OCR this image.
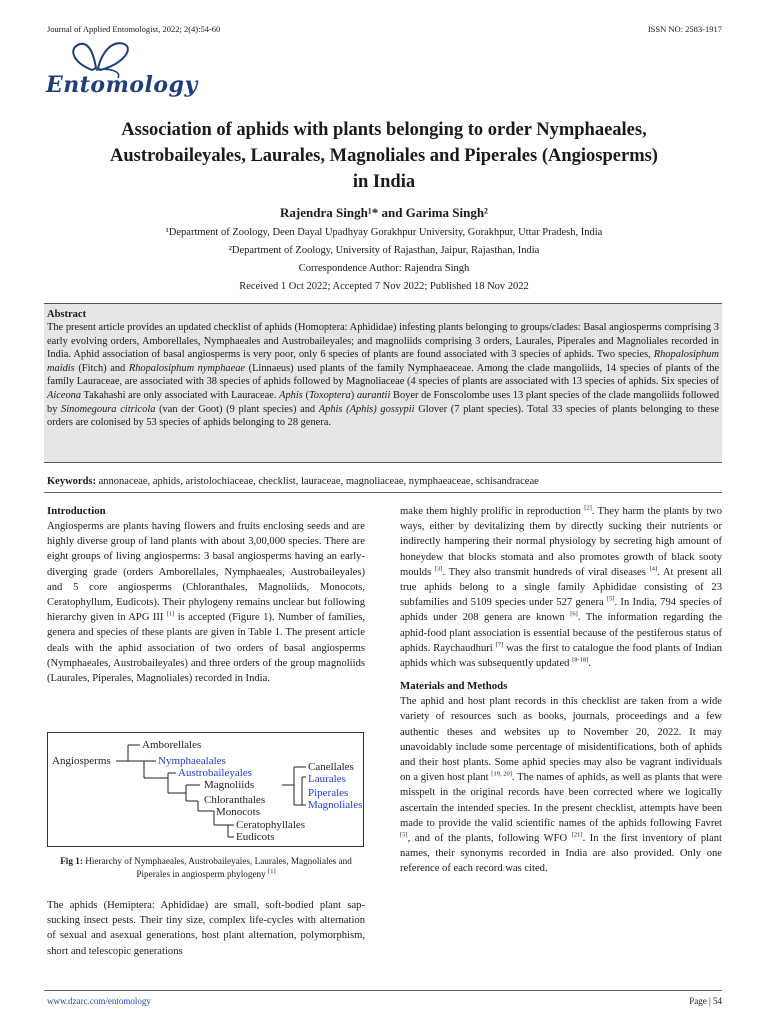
Journal of Applied Entomologist, 2022; 2(4):54-60	ISSN NO: 2583-1917
Entomology
Association of aphids with plants belonging to order Nymphaeales,
Austrobaileyales, Laurales, Magnoliales and Piperales (Angiosperms)
in India
Rajendra Singh¹* and Garima Singh²
¹Department of Zoology, Deen Dayal Upadhyay Gorakhpur University, Gorakhpur, Uttar Pradesh, India
²Department of Zoology, University of Rajasthan, Jaipur, Rajasthan, India
Correspondence Author: Rajendra Singh
Received 1 Oct 2022; Accepted 7 Nov 2022; Published 18 Nov 2022
Abstract

The present article provides an updated checklist of aphids (Homoptera: Aphididae) infesting plants belonging to groups/clades: Basal angiosperms comprising 3 early evolving orders, Amborellales, Nymphaeales and Austrobaileyales; and magnoliids comprising 3 orders, Laurales, Piperales and Magnoliales recorded in India. Aphid association of basal angiosperms is very poor, only 6 species of plants are found associated with 3 species of aphids. Two species, Rhopalosiphum maidis (Fitch) and Rhopalosiphum nymphaeae (Linnaeus) used plants of the family Nymphaeaceae. Among the clade mangoliids, 14 species of plants of the family Lauraceae, are associated with 38 species of aphids followed by Magnoliaceae (4 species of plants are associated with 13 species of aphids. Six species of Aiceona Takahashi are only associated with Lauraceae. Aphis (Toxoptera) aurantii Boyer de Fonscolombe uses 13 plant species of the clade mangoliids followed by Sinomegoura citricola (van der Goot) (9 plant species) and Aphis (Aphis) gossypii Glover (7 plant species). Total 33 species of plants belonging to these orders are colonised by 53 species of aphids belonging to 28 genera.

Keywords: annonaceae, aphids, aristolochiaceae, checklist, lauraceae, magnoliaceae, nymphaeaceae, schisandraceae
Introduction

Angiosperms are plants having flowers and fruits enclosing seeds and are highly diverse group of land plants with about 3,00,000 species. There are eight groups of living angiosperms: 3 basal angiosperms having an early-diverging grade (orders Amborellales, Nymphaeales, Austrobaileyales) and 5 core angiosperms (Chloranthales, Magnoliids, Monocots, Ceratophyllum, Eudicots). Their phylogeny remains unclear but following hierarchy given in APG III [1] is accepted (Figure 1). Number of families, genera and species of these plants are given in Table 1. The present article deals with the aphid association of two orders of basal angiosperms (Nymphaeales, Austrobaileyales) and three orders of the group magnoliids (Laurales, Piperales, Magnoliales) recorded in India.

Angiosperms
Amborellales
Nymphaealales
Austrobaileyales
Magnoliids
Chloranthales
Monocots
Ceratophyllales
Eudicots
Canellales
Laurales
Piperales
Magnoliales
Fig 1: Hierarchy of Nymphaeales, Austrobaileyales, Laurales, Magnoliales and Piperales in angiosperm phylogeny [1]

The aphids (Hemiptera: Aphididae) are small, soft-bodied plant sap-sucking insect pests. Their tiny size, complex life-cycles with alternation of sexual and asexual generations, host plant alternation, polymorphism, short and telescopic generations

make them highly prolific in reproduction [2]. They harm the plants by two ways, either by devitalizing them by directly sucking their nutrients or indirectly hampering their normal physiology by secreting high amount of honeydew that blocks stomata and also promotes growth of black sooty moulds [3]. They also transmit hundreds of viral diseases [4]. At present all true aphids belong to a single family Aphididae consisting of 23 subfamilies and 5109 species under 527 genera [5]. In India, 794 species of aphids under 208 genera are known [6]. The information regarding the aphid-food plant association is essential because of the pestiferous status of aphids. Raychaudhuri [7] was the first to catalogue the food plants of Indian aphids which was subsequently updated [8-18].

Materials and Methods

The aphid and host plant records in this checklist are taken from a wide variety of resources such as books, journals, proceedings and a few authentic theses and websites up to November 20, 2022. It may unavoidably include some percentage of misidentifications, both of aphids and their host plants. Some aphid species may also be vagrant individuals on a given host plant [19, 20]. The names of aphids, as well as plants that were misspelt in the original records have been corrected where we logically ascertain the intended species. In the present checklist, attempts have been made to provide the valid scientific names of the aphids following Favret [5], and of the plants, following WFO [21]. In the first inventory of plant names, their synonyms recorded in India are also provided. Only one reference of each record was cited.

www.dzarc.com/entomology	Page | 54
